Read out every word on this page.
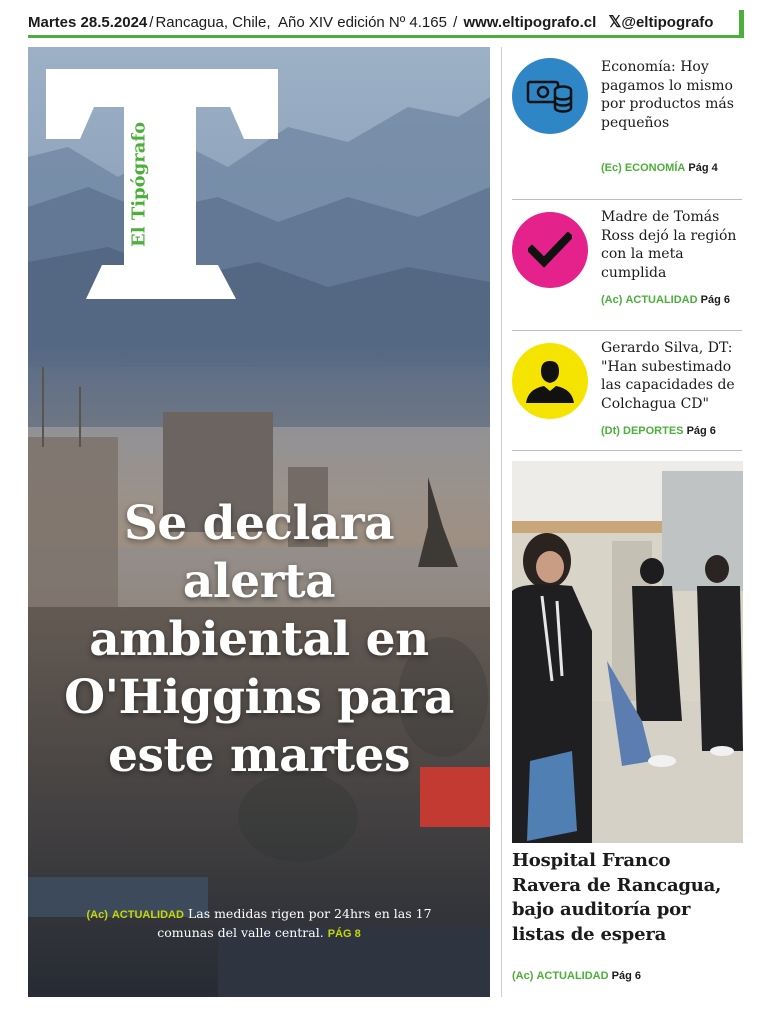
Martes 28.5.2024 / Rancagua, Chile, Año XIV edición Nº 4.165 / www.eltipografo.cl 𝕏@eltipografo
El Tipógrafo
Se declara
alerta
ambiental en
O'Higgins para
este martes
(Ac) ACTUALIDAD Las medidas rigen por 24hrs en las 17 comunas del valle central. PÁG 8
Economía: Hoy pagamos lo mismo por productos más pequeños
(Ec) ECONOMÍA Pág 4
Madre de Tomás Ross dejó la región con la meta cumplida
(Ac) ACTUALIDAD Pág 6
Gerardo Silva, DT: "Han subestimado las capacidades de Colchagua CD"
(Dt) DEPORTES Pág 6
Hospital Franco Ravera de Rancagua, bajo auditoría por listas de espera
(Ac) ACTUALIDAD Pág 6
